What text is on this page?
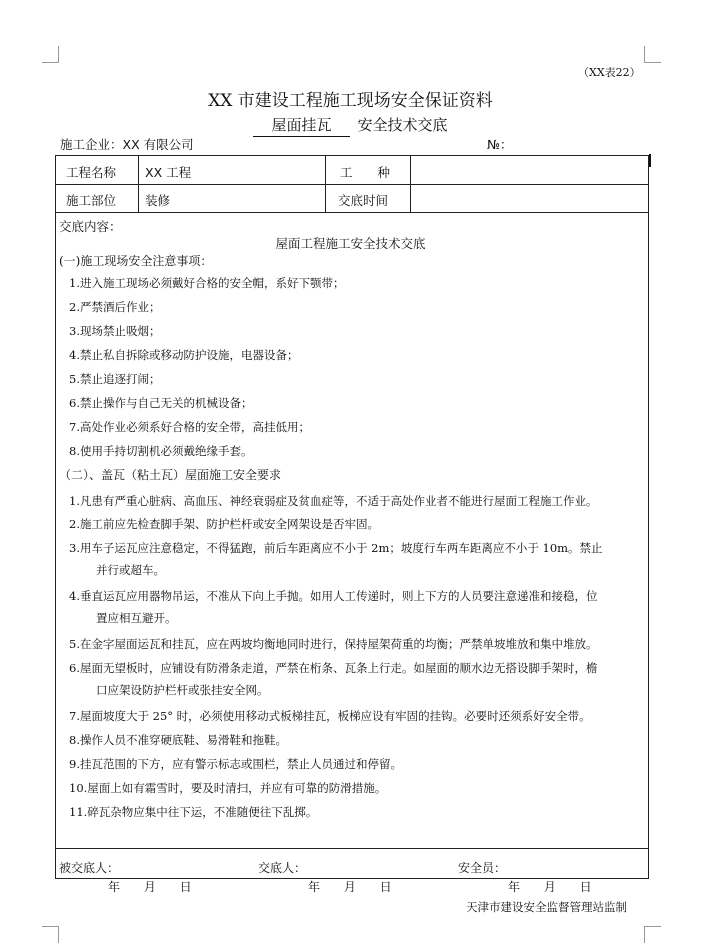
（XX表22）
XX 市建设工程施工现场安全保证资料
屋面挂瓦 安全技术交底
施工企业：XX 有限公司	№：
工程名称 XX 工程	工　　种
施工部位 装修	交底时间
交底内容：
屋面工程施工安全技术交底
(一)施工现场安全注意事项：
1.进入施工现场必须戴好合格的安全帽，系好下颚带；
2.严禁酒后作业；
3.现场禁止吸烟；
4.禁止私自拆除或移动防护设施，电器设备；
5.禁止追逐打闹；
6.禁止操作与自己无关的机械设备；
7.高处作业必须系好合格的安全带，高挂低用；
8.使用手持切割机必须戴绝缘手套。
（二）、盖瓦（粘土瓦）屋面施工安全要求
1.凡患有严重心脏病、高血压、神经衰弱症及贫血症等，不适于高处作业者不能进行屋面工程施工作业。
2.施工前应先检查脚手架、防护栏杆或安全网架设是否牢固。
3.用车子运瓦应注意稳定，不得猛跑，前后车距离应不小于 2m；坡度行车两车距离应不小于 10m。禁止
并行或超车。
4.垂直运瓦应用器物吊运，不准从下向上手抛。如用人工传递时，则上下方的人员要注意递准和接稳，位
置应相互避开。
5.在金字屋面运瓦和挂瓦，应在两坡均衡地同时进行，保持屋架荷重的均衡；严禁单坡堆放和集中堆放。
6.屋面无望板时，应铺设有防滑条走道，严禁在桁条、瓦条上行走。如屋面的顺水边无搭设脚手架时，檐
口应架设防护栏杆或张挂安全网。
7.屋面坡度大于 25° 时，必须使用移动式板梯挂瓦，板梯应设有牢固的挂钩。必要时还须系好安全带。
8.操作人员不准穿硬底鞋、易滑鞋和拖鞋。
9.挂瓦范围的下方，应有警示标志或围栏，禁止人员通过和停留。
10.屋面上如有霜雪时，要及时清扫，并应有可靠的防滑措施。
11.碎瓦杂物应集中往下运，不准随便往下乱掷。
被交底人：	交底人：	安全员：
年 月 日	年 月 日	年 月 日
天津市建设安全监督管理站监制
